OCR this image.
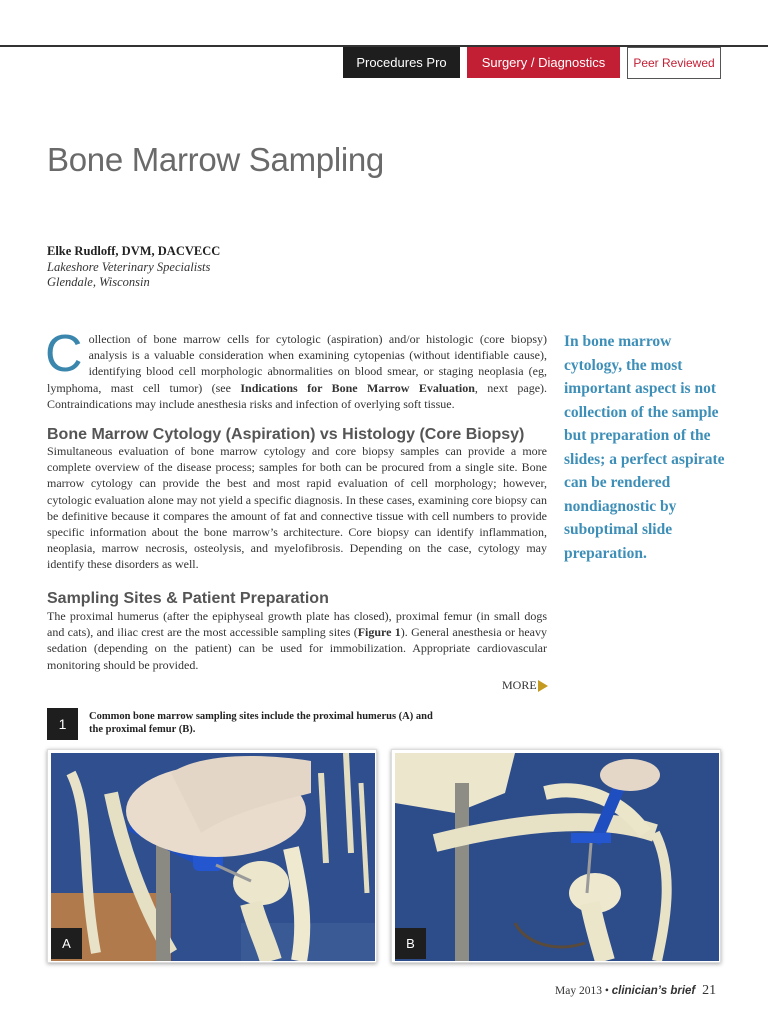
Procedures Pro	Surgery / Diagnostics	Peer Reviewed
Bone Marrow Sampling
Elke Rudloff, DVM, DACVECC
Lakeshore Veterinary Specialists
Glendale, Wisconsin
Collection of bone marrow cells for cytologic (aspiration) and/or histologic (core biopsy) analysis is a valuable consideration when examining cytopenias (without identifiable cause), identifying blood cell morphologic abnormalities on blood smear, or staging neoplasia (eg, lymphoma, mast cell tumor) (see Indications for Bone Marrow Evaluation, next page). Contraindications may include anesthesia risks and infection of overlying soft tissue.
Bone Marrow Cytology (Aspiration) vs Histology (Core Biopsy)
Simultaneous evaluation of bone marrow cytology and core biopsy samples can provide a more complete overview of the disease process; samples for both can be procured from a single site. Bone marrow cytology can provide the best and most rapid evaluation of cell morphology; however, cytologic evaluation alone may not yield a specific diagnosis. In these cases, examining core biopsy can be definitive because it compares the amount of fat and connective tissue with cell numbers to provide specific information about the bone marrow’s architecture. Core biopsy can identify inflammation, neoplasia, marrow necrosis, osteolysis, and myelofibrosis. Depending on the case, cytology may identify these disorders as well.
Sampling Sites & Patient Preparation
The proximal humerus (after the epiphyseal growth plate has closed), proximal femur (in small dogs and cats), and iliac crest are the most accessible sampling sites (Figure 1). General anesthesia or heavy sedation (depending on the patient) can be used for immobilization. Appropriate cardiovascular monitoring should be provided.
MORE
In bone marrow cytology, the most important aspect is not collection of the sample but preparation of the slides; a perfect aspirate can be rendered nondiagnostic by suboptimal slide preparation.
1	Common bone marrow sampling sites include the proximal humerus (A) and the proximal femur (B).
A	B
May 2013 • clinician’s brief 21
